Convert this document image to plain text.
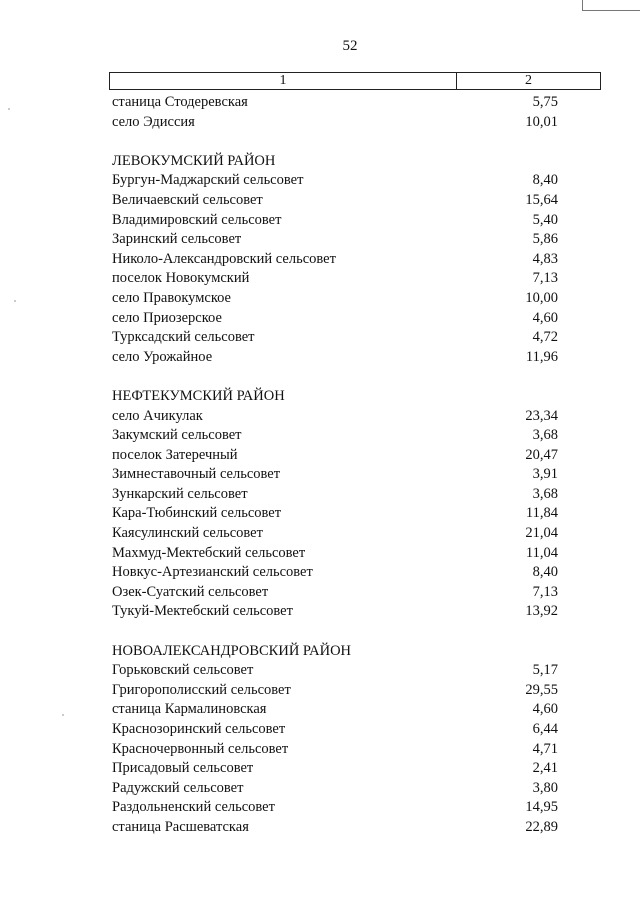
52
1	2
станица Стодеревская	5,75
село Эдиссия	10,01
ЛЕВОКУМСКИЙ РАЙОН
Бургун-Маджарский сельсовет	8,40
Величаевский сельсовет	15,64
Владимировский сельсовет	5,40
Заринский сельсовет	5,86
Николо-Александровский сельсовет	4,83
поселок Новокумский	7,13
село Правокумское	10,00
село Приозерское	4,60
Турксадский сельсовет	4,72
село Урожайное	11,96
НЕФТЕКУМСКИЙ РАЙОН
село Ачикулак	23,34
Закумский сельсовет	3,68
поселок Затеречный	20,47
Зимнеставочный сельсовет	3,91
Зункарский сельсовет	3,68
Кара-Тюбинский сельсовет	11,84
Каясулинский сельсовет	21,04
Махмуд-Мектебский сельсовет	11,04
Новкус-Артезианский сельсовет	8,40
Озек-Суатский сельсовет	7,13
Тукуй-Мектебский сельсовет	13,92
НОВОАЛЕКСАНДРОВСКИЙ РАЙОН
Горьковский сельсовет	5,17
Григорополисский сельсовет	29,55
станица Кармалиновская	4,60
Краснозоринский сельсовет	6,44
Красночервонный сельсовет	4,71
Присадовый сельсовет	2,41
Радужский сельсовет	3,80
Раздольненский сельсовет	14,95
станица Расшеватская	22,89
